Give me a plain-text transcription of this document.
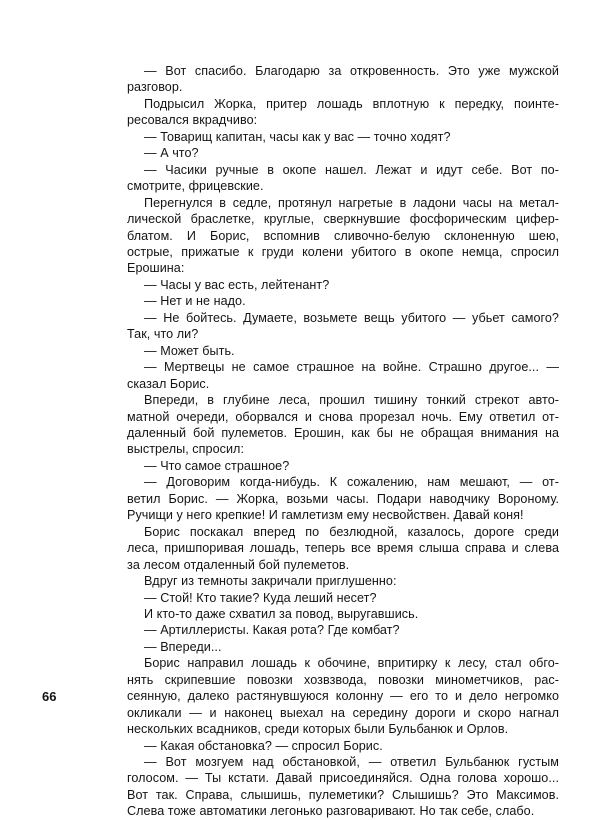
— Вот спасибо. Благодарю за откровенность. Это уже мужской
разговор.
Подрысил Жорка, притер лошадь вплотную к передку, поинте-
ресовался вкрадчиво:
— Товарищ капитан, часы как у вас — точно ходят?
— А что?
— Часики ручные в окопе нашел. Лежат и идут себе. Вот по-
смотрите, фрицевские.
Перегнулся в седле, протянул нагретые в ладони часы на метал-
лической браслетке, круглые, сверкнувшие фосфорическим цифер-
блатом. И Борис, вспомнив сливочно-белую склоненную шею,
острые, прижатые к груди колени убитого в окопе немца, спросил
Ерошина:
— Часы у вас есть, лейтенант?
— Нет и не надо.
— Не бойтесь. Думаете, возьмете вещь убитого — убьет самого?
Так, что ли?
— Может быть.
— Мертвецы не самое страшное на войне. Страшно другое... —
сказал Борис.
Впереди, в глубине леса, прошил тишину тонкий стрекот авто-
матной очереди, оборвался и снова прорезал ночь. Ему ответил от-
даленный бой пулеметов. Ерошин, как бы не обращая внимания на
выстрелы, спросил:
— Что самое страшное?
— Договорим когда-нибудь. К сожалению, нам мешают, — от-
ветил Борис. — Жорка, возьми часы. Подари наводчику Вороному.
Ручищи у него крепкие! И гамлетизм ему несвойствен. Давай коня!
Борис поскакал вперед по безлюдной, казалось, дороге среди
леса, пришпоривая лошадь, теперь все время слыша справа и слева
за лесом отдаленный бой пулеметов.
Вдруг из темноты закричали приглушенно:
— Стой! Кто такие? Куда леший несет?
И кто-то даже схватил за повод, выругавшись.
— Артиллеристы. Какая рота? Где комбат?
— Впереди...
Борис направил лошадь к обочине, впритирку к лесу, стал обго-
нять скрипевшие повозки хозвзвода, повозки минометчиков, рас-
сеянную, далеко растянувшуюся колонну — его то и дело негромко
окликали — и наконец выехал на середину дороги и скоро нагнал
нескольких всадников, среди которых были Бульбанюк и Орлов.
— Какая обстановка? — спросил Борис.
— Вот мозгуем над обстановкой, — ответил Бульбанюк густым
голосом. — Ты кстати. Давай присоединяйся. Одна голова хорошо...
Вот так. Справа, слышишь, пулеметики? Слышишь? Это Максимов.
Слева тоже автоматики легонько разговаривают. Но так себе, слабо.
66
